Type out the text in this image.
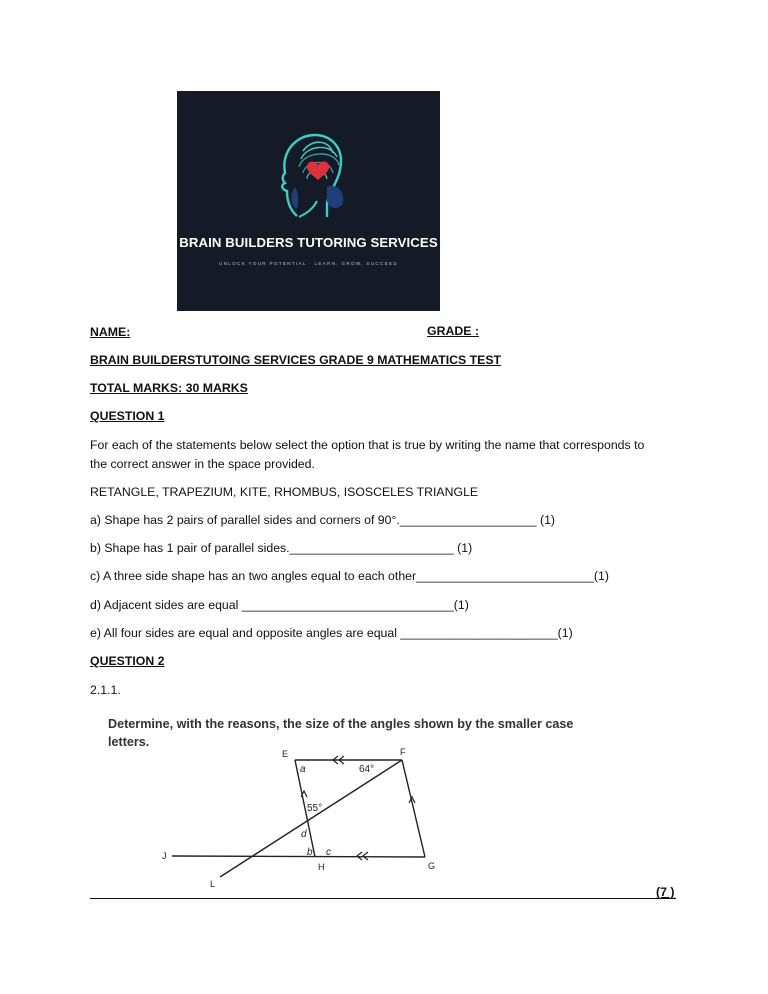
BRAIN BUILDERS TUTORING SERVICES
UNLOCK YOUR POTENTIAL · LEARN, GROW, SUCCEED
NAME:	GRADE :
BRAIN BUILDERSTUTOING SERVICES GRADE 9 MATHEMATICS TEST
TOTAL MARKS: 30 MARKS
QUESTION 1
For each of the statements below select the option that is true by writing the name that corresponds to
the correct answer in the space provided.
RETANGLE, TRAPEZIUM, KITE, RHOMBUS, ISOSCELES TRIANGLE
a) Shape has 2 pairs of parallel sides and corners of 90°.____________________ (1)
b) Shape has 1 pair of parallel sides.________________________ (1)
c) A three side shape has an two angles equal to each other__________________________(1)
d) Adjacent sides are equal _______________________________(1)
e) All four sides are equal and opposite angles are equal _______________________(1)
QUESTION 2
2.1.1.
Determine, with the reasons, the size of the angles shown by the smaller case
letters.
E	F
G
H
J
L
a	64°
55°
d
b c
(7 )
